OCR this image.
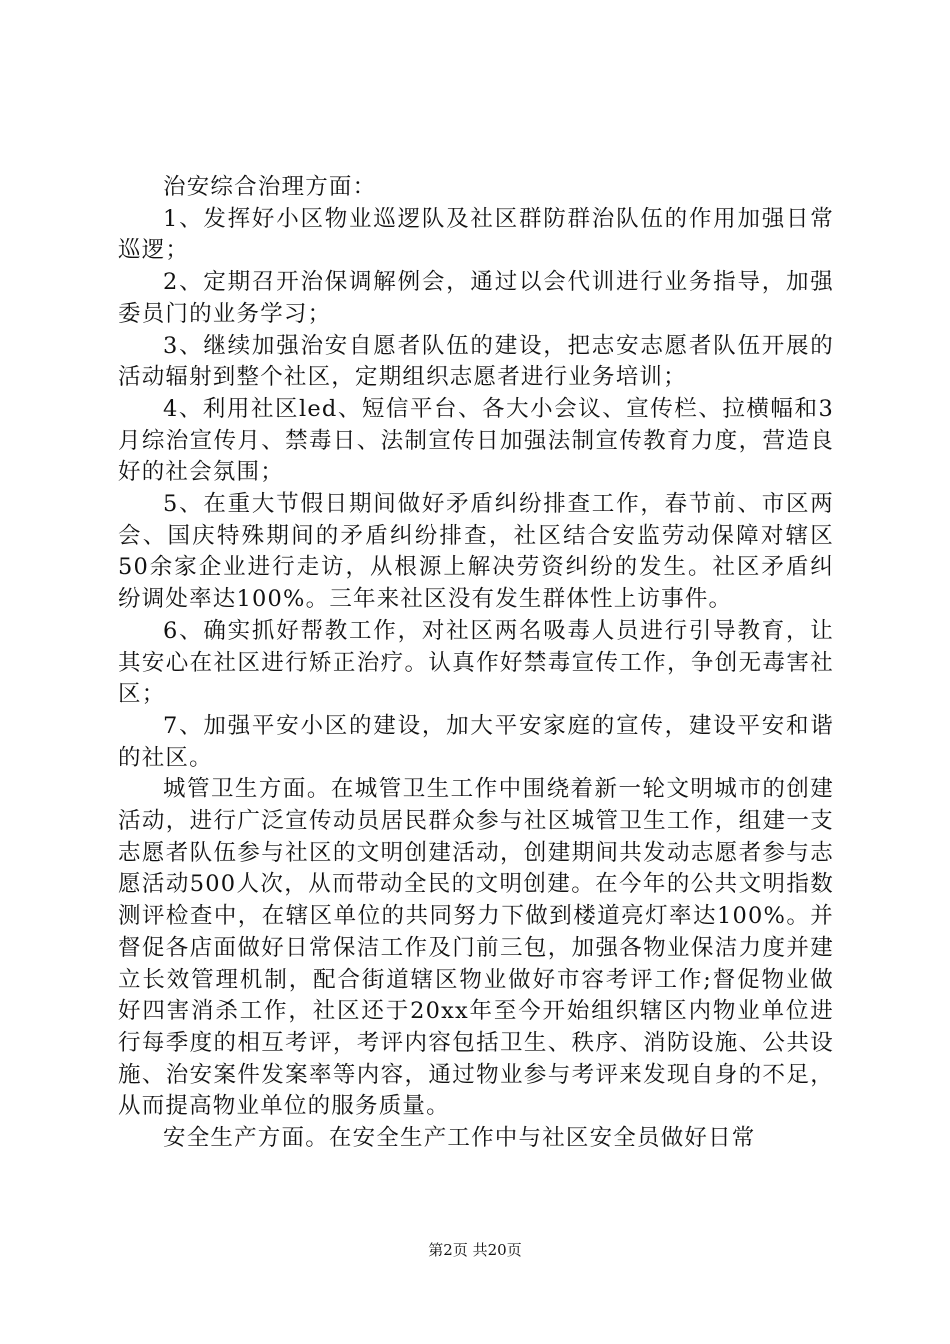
治安综合治理方面：

1、发挥好小区物业巡逻队及社区群防群治队伍的作用加强日常巡逻；

2、定期召开治保调解例会，通过以会代训进行业务指导，加强委员门的业务学习；

3、继续加强治安自愿者队伍的建设，把志安志愿者队伍开展的活动辐射到整个社区，定期组织志愿者进行业务培训；

4、利用社区led、短信平台、各大小会议、宣传栏、拉横幅和3月综治宣传月、禁毒日、法制宣传日加强法制宣传教育力度，营造良好的社会氛围；

5、在重大节假日期间做好矛盾纠纷排查工作，春节前、市区两会、国庆特殊期间的矛盾纠纷排查，社区结合安监劳动保障对辖区50余家企业进行走访，从根源上解决劳资纠纷的发生。社区矛盾纠纷调处率达100%。三年来社区没有发生群体性上访事件。

6、确实抓好帮教工作，对社区两名吸毒人员进行引导教育，让其安心在社区进行矫正治疗。认真作好禁毒宣传工作，争创无毒害社区；

7、加强平安小区的建设，加大平安家庭的宣传，建设平安和谐的社区。

城管卫生方面。在城管卫生工作中围绕着新一轮文明城市的创建活动，进行广泛宣传动员居民群众参与社区城管卫生工作，组建一支志愿者队伍参与社区的文明创建活动，创建期间共发动志愿者参与志愿活动500人次，从而带动全民的文明创建。在今年的公共文明指数测评检查中，在辖区单位的共同努力下做到楼道亮灯率达100%。并督促各店面做好日常保洁工作及门前三包，加强各物业保洁力度并建立长效管理机制，配合街道辖区物业做好市容考评工作;督促物业做好四害消杀工作，社区还于20xx年至今开始组织辖区内物业单位进行每季度的相互考评，考评内容包括卫生、秩序、消防设施、公共设施、治安案件发案率等内容，通过物业参与考评来发现自身的不足，从而提高物业单位的服务质量。

安全生产方面。在安全生产工作中与社区安全员做好日常

第2页 共20页
